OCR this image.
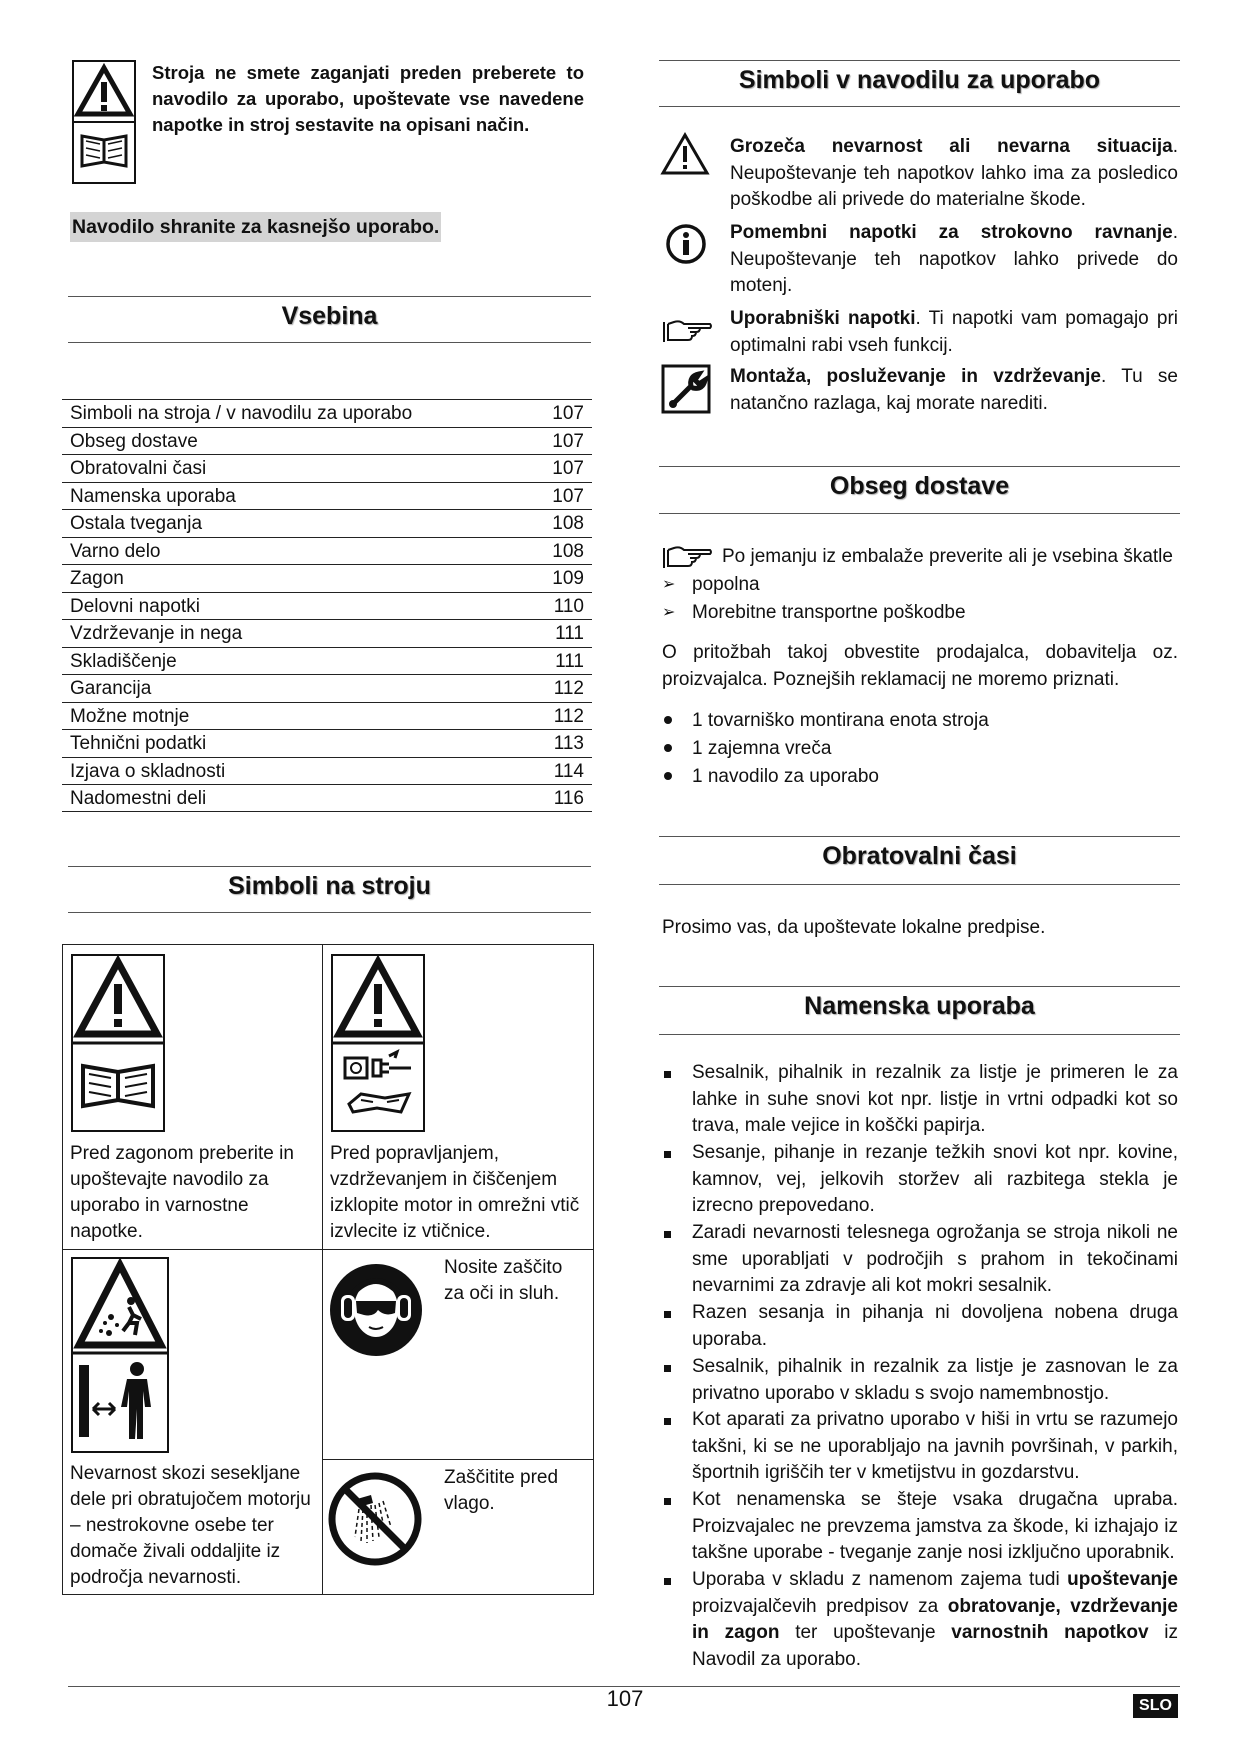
Stroja ne smete zaganjati preden preberete to navodilo za uporabo, upoštevate vse navedene napotke in stroj sestavite na opisani način.
Navodilo shranite za kasnejšo uporabo.
Vsebina
Simboli na stroja / v navodilu za uporabo	107
Obseg dostave	107
Obratovalni časi	107
Namenska uporaba	107
Ostala tveganja	108
Varno delo	108
Zagon	109
Delovni napotki	110
Vzdrževanje in nega	111
Skladiščenje	111
Garancija	112
Možne motnje	112
Tehnični podatki	113
Izjava o skladnosti	114
Nadomestni deli	116
Simboli na stroju
Pred zagonom preberite in upoštevajte navodilo za uporabo in varnostne napotke.
Pred popravljanjem, vzdrževanjem in čiščenjem izklopite motor in omrežni vtič izvlecite iz vtičnice.
Nevarnost skozi sesekljane dele pri obratujočem motorju – nestrokovne osebe ter domače živali oddaljite iz področja nevarnosti.
Nosite zaščito za oči in sluh.
Zaščitite pred vlago.
Simboli v navodilu za uporabo
Grozeča nevarnost ali nevarna situacija. Neupoštevanje teh napotkov lahko ima za posledico poškodbe ali privede do materialne škode.
Pomembni napotki za strokovno ravnanje. Neupoštevanje teh napotkov lahko privede do motenj.
Uporabniški napotki. Ti napotki vam pomagajo pri optimalni rabi vseh funkcij.
Montaža, posluževanje in vzdrževanje. Tu se natančno razlaga, kaj morate narediti.
Obseg dostave
Po jemanju iz embalaže preverite ali je vsebina škatle
➢ popolna
➢ Morebitne transportne poškodbe
O pritožbah takoj obvestite prodajalca, dobavitelja oz. proizvajalca. Poznejših reklamacij ne moremo priznati.
1 tovarniško montirana enota stroja
1 zajemna vreča
1 navodilo za uporabo
Obratovalni časi
Prosimo vas, da upoštevate lokalne predpise.
Namenska uporaba
Sesalnik, pihalnik in rezalnik za listje je primeren le za lahke in suhe snovi kot npr. listje in vrtni odpadki kot so trava, male vejice in koščki papirja.
Sesanje, pihanje in rezanje težkih snovi kot npr. kovine, kamnov, vej, jelkovih storžev ali razbitega stekla je izrecno prepovedano.
Zaradi nevarnosti telesnega ogrožanja se stroja nikoli ne sme uporabljati v področjih s prahom in tekočinami nevarnimi za zdravje ali kot mokri sesalnik.
Razen sesanja in pihanja ni dovoljena nobena druga uporaba.
Sesalnik, pihalnik in rezalnik za listje je zasnovan le za privatno uporabo v skladu s svojo namembnostjo.
Kot aparati za privatno uporabo v hiši in vrtu se razumejo takšni, ki se ne uporabljajo na javnih površinah, v parkih, športnih igriščih ter v kmetijstvu in gozdarstvu.
Kot nenamenska se šteje vsaka drugačna upraba. Proizvajalec ne prevzema jamstva za škode, ki izhajajo iz takšne uporabe - tveganje zanje nosi izključno uporabnik.
Uporaba v skladu z namenom zajema tudi upoštevanje proizvajalčevih predpisov za obratovanje, vzdrževanje in zagon ter upoštevanje varnostnih napotkov iz Navodil za uporabo.
107	SLO
